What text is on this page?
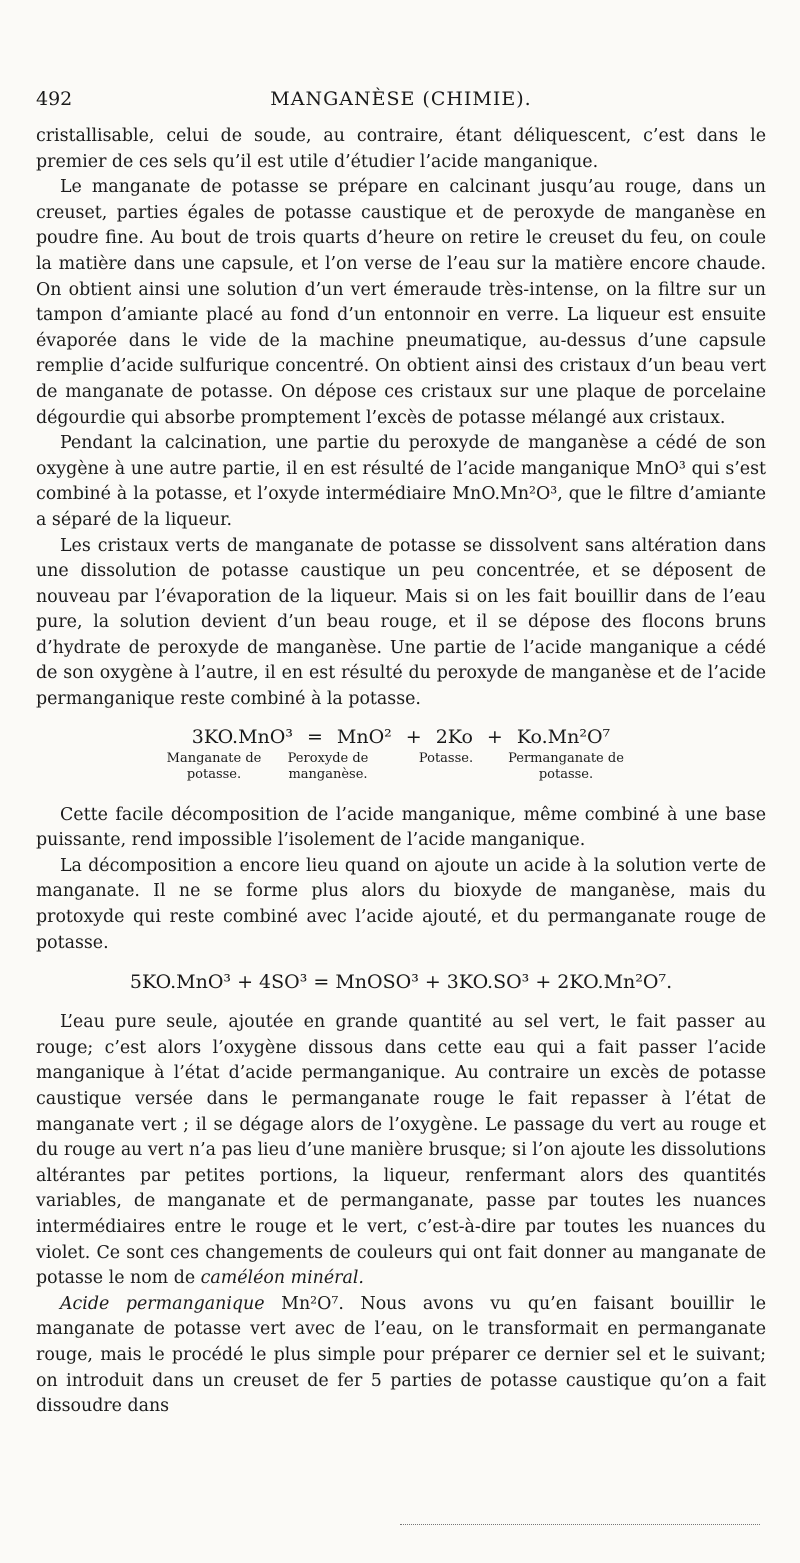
492	MANGANÈSE (CHIMIE).

cristallisable, celui de soude, au contraire, étant déliquescent, c’est dans le premier de ces sels qu’il est utile d’étudier l’acide manganique.

Le manganate de potasse se prépare en calcinant jusqu’au rouge, dans un creuset, parties égales de potasse caustique et de peroxyde de manganèse en poudre fine. Au bout de trois quarts d’heure on retire le creuset du feu, on coule la matière dans une capsule, et l’on verse de l’eau sur la matière encore chaude. On obtient ainsi une solution d’un vert émeraude très-intense, on la filtre sur un tampon d’amiante placé au fond d’un entonnoir en verre. La liqueur est ensuite évaporée dans le vide de la machine pneumatique, au-dessus d’une capsule remplie d’acide sulfurique concentré. On obtient ainsi des cristaux d’un beau vert de manganate de potasse. On dépose ces cristaux sur une plaque de porcelaine dégourdie qui absorbe promptement l’excès de potasse mélangé aux cristaux.

Pendant la calcination, une partie du peroxyde de manganèse a cédé de son oxygène à une autre partie, il en est résulté de l’acide manganique MnO³ qui s’est combiné à la potasse, et l’oxyde intermédiaire MnO.Mn²O³, que le filtre d’amiante a séparé de la liqueur.

Les cristaux verts de manganate de potasse se dissolvent sans altération dans une dissolution de potasse caustique un peu concentrée, et se déposent de nouveau par l’évaporation de la liqueur. Mais si on les fait bouillir dans de l’eau pure, la solution devient d’un beau rouge, et il se dépose des flocons bruns d’hydrate de peroxyde de manganèse. Une partie de l’acide manganique a cédé de son oxygène à l’autre, il en est résulté du peroxyde de manganèse et de l’acide permanganique reste combiné à la potasse.

3KO.MnO³ = MnO² + 2Ko + Ko.Mn²O⁷
Manganate de potasse.
Peroxyde de manganèse.
Potasse.	Permanganate de potasse.

Cette facile décomposition de l’acide manganique, même combiné à une base puissante, rend impossible l’isolement de l’acide manganique.

La décomposition a encore lieu quand on ajoute un acide à la solution verte de manganate. Il ne se forme plus alors du bioxyde de manganèse, mais du protoxyde qui reste combiné avec l’acide ajouté, et du permanganate rouge de potasse.

5KO.MnO³ + 4SO³ = MnOSO³ + 3KO.SO³ + 2KO.Mn²O⁷.

L’eau pure seule, ajoutée en grande quantité au sel vert, le fait passer au rouge; c’est alors l’oxygène dissous dans cette eau qui a fait passer l’acide manganique à l’état d’acide permanganique. Au contraire un excès de potasse caustique versée dans le permanganate rouge le fait repasser à l’état de manganate vert ; il se dégage alors de l’oxygène. Le passage du vert au rouge et du rouge au vert n’a pas lieu d’une manière brusque; si l’on ajoute les dissolutions altérantes par petites portions, la liqueur, renfermant alors des quantités variables, de manganate et de permanganate, passe par toutes les nuances intermédiaires entre le rouge et le vert, c’est-à-dire par toutes les nuances du violet. Ce sont ces changements de couleurs qui ont fait donner au manganate de potasse le nom de caméléon minéral.

Acide permanganique Mn²O⁷. Nous avons vu qu’en faisant bouillir le manganate de potasse vert avec de l’eau, on le transformait en permanganate rouge, mais le procédé le plus simple pour préparer ce dernier sel et le suivant; on introduit dans un creuset de fer 5 parties de potasse caustique qu’on a fait dissoudre dans
